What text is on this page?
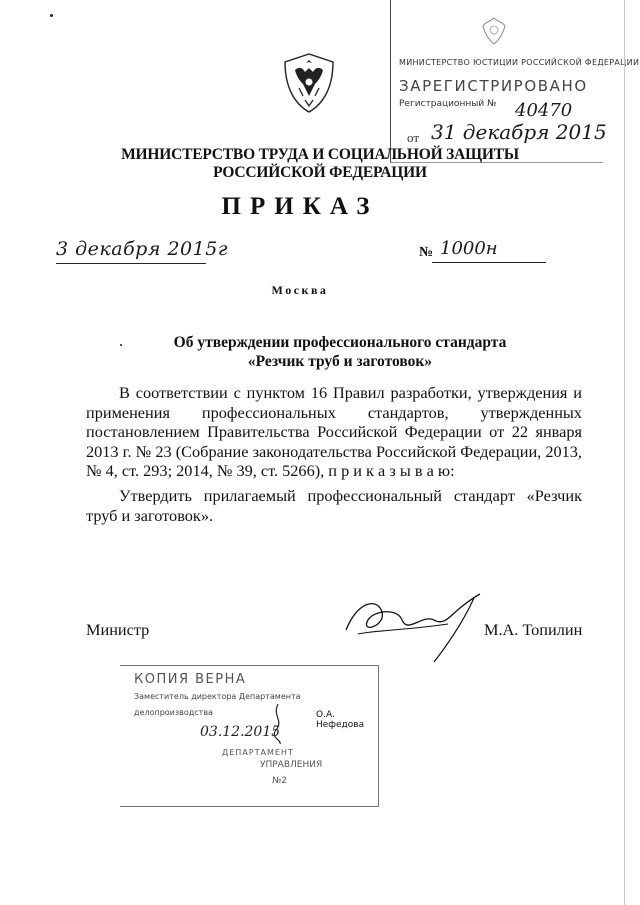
МИНИСТЕРСТВО ЮСТИЦИИ РОССИЙСКОЙ ФЕДЕРАЦИИ
ЗАРЕГИСТРИРОВАНО
Регистрационный №	40470
от 31 декабря 2015
МИНИСТЕРСТВО ТРУДА И СОЦИАЛЬНОЙ ЗАЩИТЫ
РОССИЙСКОЙ ФЕДЕРАЦИИ
ПРИКАЗ
3 декабря 2015г	№ 1000н
Москва
Об утверждении профессионального стандарта
«Резчик труб и заготовок»
В соответствии с пунктом 16 Правил разработки, утверждения и применения профессиональных стандартов, утвержденных постановлением Правительства Российской Федерации от 22 января 2013 г. № 23 (Собрание законодательства Российской Федерации, 2013, № 4, ст. 293; 2014, № 39, ст. 5266), п р и к а з ы в а ю:
Утвердить прилагаемый профессиональный стандарт «Резчик труб и заготовок».
Министр	М.А. Топилин
КОПИЯ ВЕРНА
Заместитель директора Департамента
делопроизводства	О.А. Нефедова
03.12.2015
ДЕПАРТАМЕНТ
УПРАВЛЕНИЯ
№2
